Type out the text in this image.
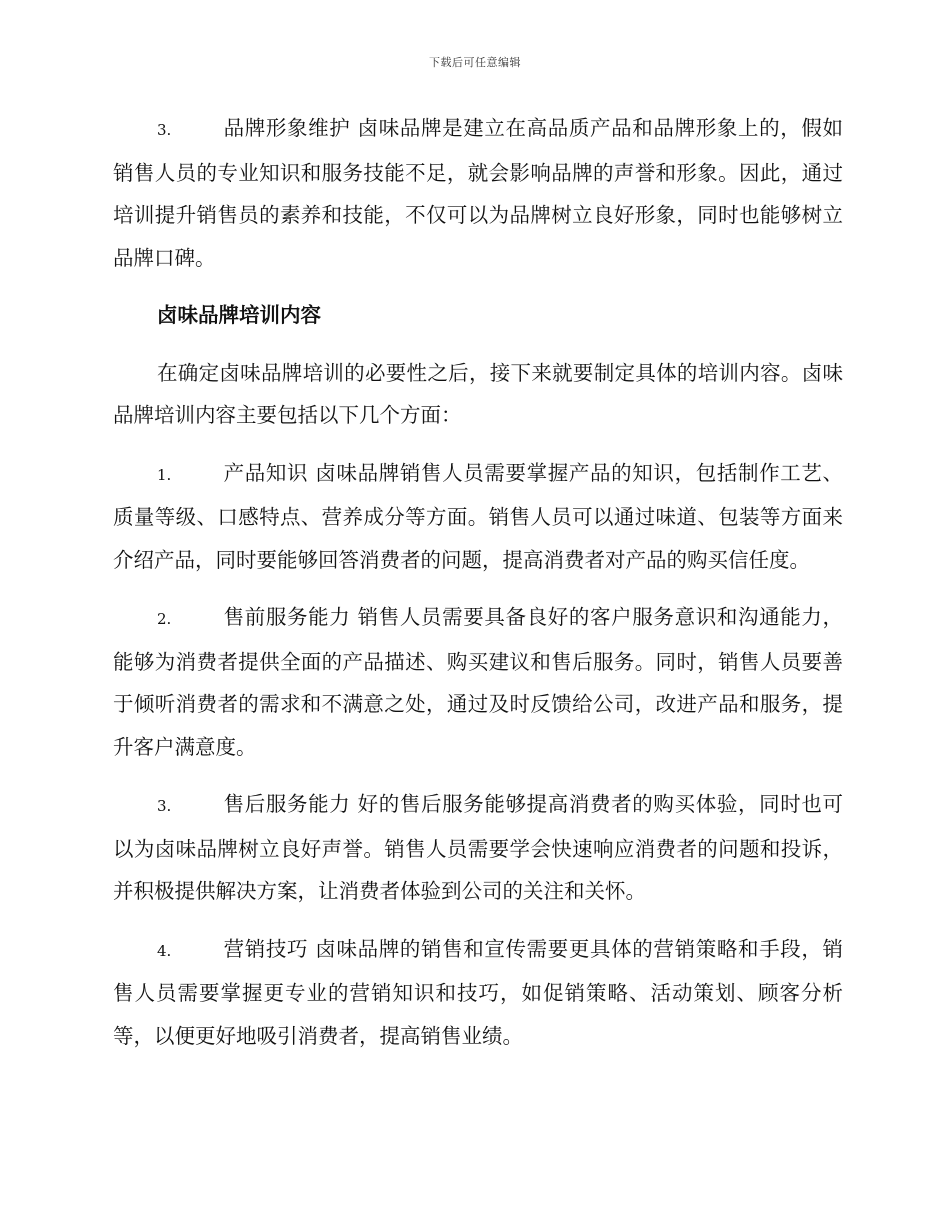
下载后可任意编辑

3.	品牌形象维护 卤味品牌是建立在高品质产品和品牌形象上的，假如销售人员的专业知识和服务技能不足，就会影响品牌的声誉和形象。因此，通过培训提升销售员的素养和技能，不仅可以为品牌树立良好形象，同时也能够树立品牌口碑。

卤味品牌培训内容

在确定卤味品牌培训的必要性之后，接下来就要制定具体的培训内容。卤味品牌培训内容主要包括以下几个方面：

1.	产品知识 卤味品牌销售人员需要掌握产品的知识，包括制作工艺、质量等级、口感特点、营养成分等方面。销售人员可以通过味道、包装等方面来介绍产品，同时要能够回答消费者的问题，提高消费者对产品的购买信任度。

2.	售前服务能力 销售人员需要具备良好的客户服务意识和沟通能力，能够为消费者提供全面的产品描述、购买建议和售后服务。同时，销售人员要善于倾听消费者的需求和不满意之处，通过及时反馈给公司，改进产品和服务，提升客户满意度。

3.	售后服务能力 好的售后服务能够提高消费者的购买体验，同时也可以为卤味品牌树立良好声誉。销售人员需要学会快速响应消费者的问题和投诉，并积极提供解决方案，让消费者体验到公司的关注和关怀。

4.	营销技巧 卤味品牌的销售和宣传需要更具体的营销策略和手段，销售人员需要掌握更专业的营销知识和技巧，如促销策略、活动策划、顾客分析等，以便更好地吸引消费者，提高销售业绩。
